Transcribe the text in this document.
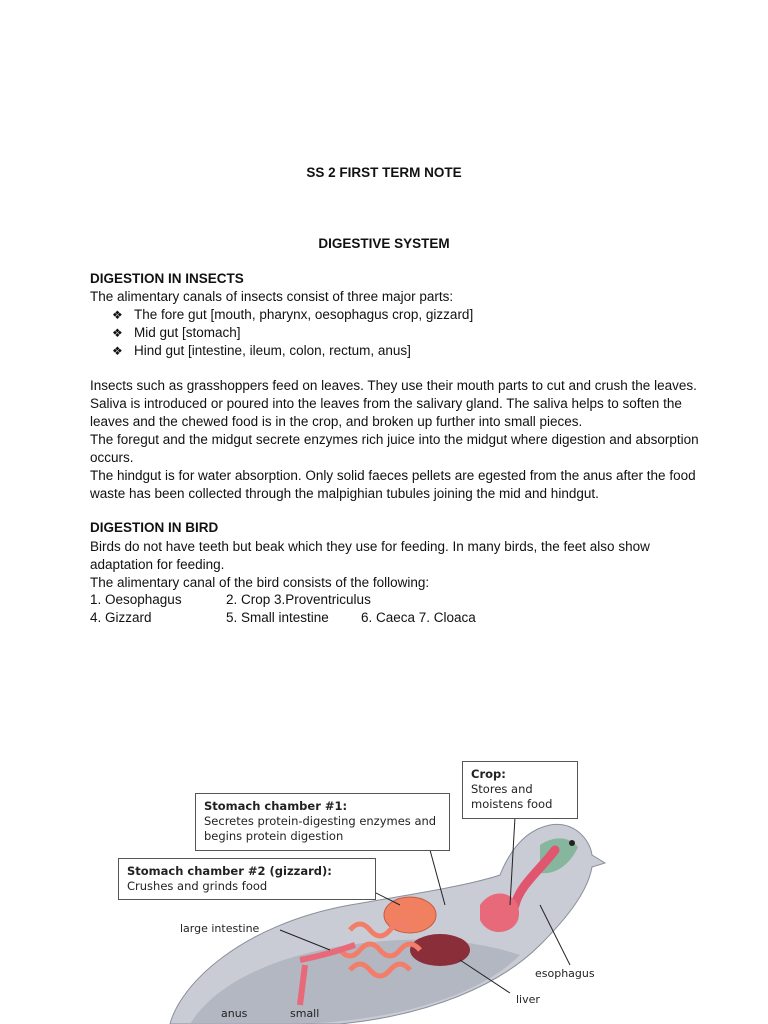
SS 2 FIRST TERM NOTE
DIGESTIVE SYSTEM
DIGESTION IN INSECTS
The alimentary canals of insects consist of three major parts:
❖ The fore gut [mouth, pharynx, oesophagus crop, gizzard]
❖ Mid gut [stomach]
❖ Hind gut [intestine, ileum, colon, rectum, anus]
Insects such as grasshoppers feed on leaves. They use their mouth parts to cut and crush the leaves. Saliva is introduced or poured into the leaves from the salivary gland. The saliva helps to soften the leaves and the chewed food is in the crop, and broken up further into small pieces.
The foregut and the midgut secrete enzymes rich juice into the midgut where digestion and absorption occurs.
The hindgut is for water absorption. Only solid faeces pellets are egested from the anus after the food waste has been collected through the malpighian tubules joining the mid and hindgut.
DIGESTION IN BIRD
Birds do not have teeth but beak which they use for feeding. In many birds, the feet also show adaptation for feeding.
The alimentary canal of the bird consists of the following:
1. Oesophagus	2. Crop 3.Proventriculus
4. Gizzard	5. Small intestine 6. Caeca 7. Cloaca
Crop:
Stores and moistens food
Stomach chamber #1:
Secretes protein-digesting enzymes and begins protein digestion
Stomach chamber #2 (gizzard):
Crushes and grinds food
large intestine
esophagus
liver
anus	small
